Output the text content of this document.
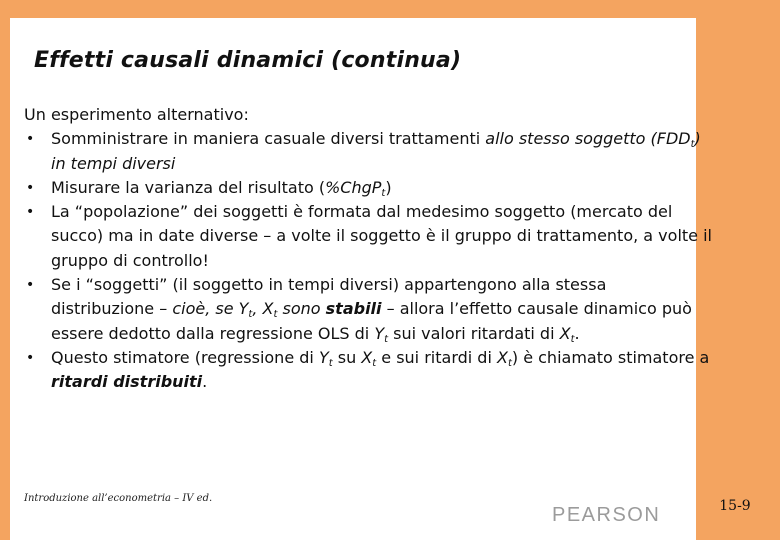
Effetti causali dinamici (continua)

Un esperimento alternativo:

• Somministrare in maniera casuale diversi trattamenti allo stesso soggetto $(FDD_t)$ in tempi diversi
• Misurare la varianza del risultato (%ChgP$_t$)
• La “popolazione” dei soggetti è formata dal medesimo soggetto (mercato del succo) ma in date diverse – a volte il soggetto è il gruppo di trattamento, a volte il gruppo di controllo!
• Se i “soggetti” (il soggetto in tempi diversi) appartengono alla stessa distribuzione – cioè, se $Y_t$, $X_t$ sono stabili – allora l’effetto causale dinamico può essere dedotto dalla regressione OLS di $Y_t$ sui valori ritardati di $X_t$.
• Questo stimatore (regressione di $Y_t$ su $X_t$ e sui ritardi di $X_t$) è chiamato stimatore a ritardi distribuiti.
Introduzione all’econometria – IV ed.
PEARSON	15-9
